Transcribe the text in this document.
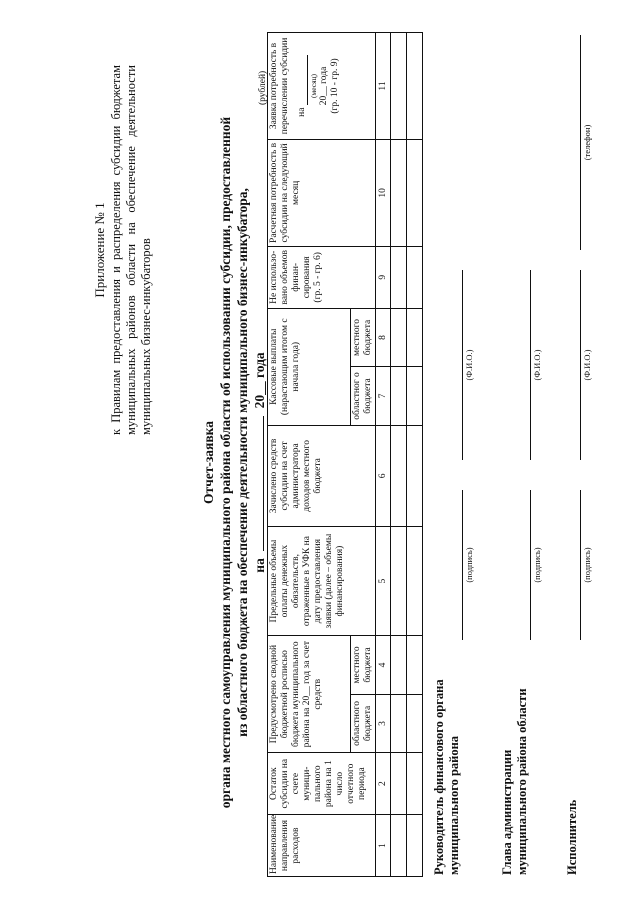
Приложение № 1 к Правилам предоставления и распределения субсидии бюджетам муниципальных районов области на обеспечение деятельности муниципальных бизнес-инкубаторов
Отчет-заявка органа местного самоуправления муниципального района области об использовании субсидии, предоставленной из областного бюджета на обеспечение деятельности муниципального бизнес-инкубатора, на  20__ года
(рублей)
Наименование направления расходов	Остаток субсидии на счете муници-пального района на 1 число отчетного периода	Предусмотрено сводной бюджетной росписью бюджета муниципального района на 20__ год за счет средств		Предельные объемы оплаты денежных обязательств, отраженные в УФК на дату предоставления заявки (далее – объемы финансирования)	Зачислено средств субсидии на счет администратора доходов местного бюджета	Кассовые выплаты (нарастающим итогом с начала года)		Не использо-вано объемов финан-сирования (гр. 5 - гр. 6)	Расчетная потребность в субсидии на следующий месяц	Заявка потребность в перечислении субсидии на
(месяц) 20__ года (гр. 10 - гр. 9)

		областного бюджета	местного бюджета			областног о бюджета	местного бюджета			
1	2	3	4	5	6	7	8	9	10	11

Руководитель финансового органа муниципального района
(подпись)
(Ф.И.О.)
Глава администрации муниципального района области
(подпись)
(Ф.И.О.)
Исполнитель
(подпись)
(Ф.И.О.)
(телефон)
